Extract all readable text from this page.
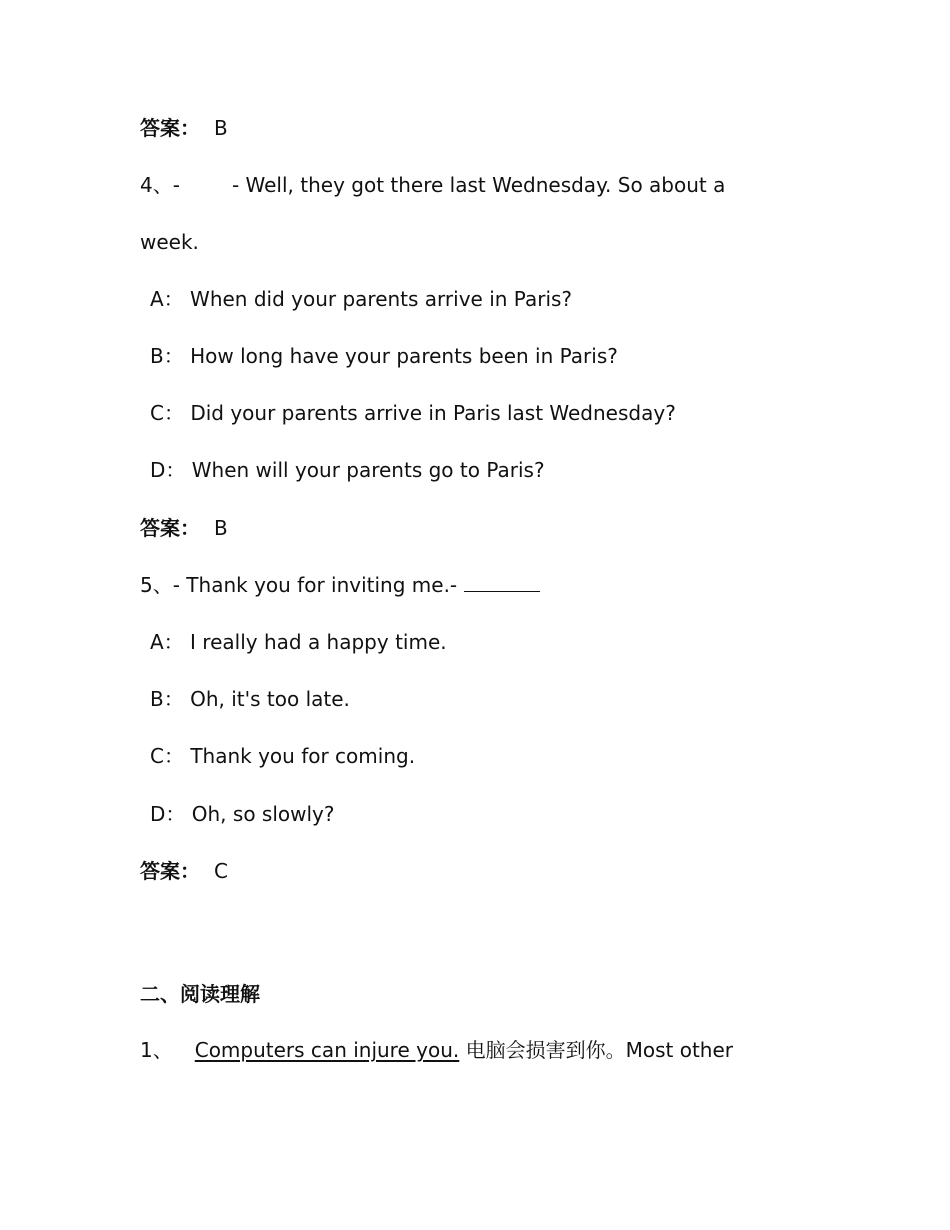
答案： B
4、-	- Well, they got there last Wednesday. So about a
week.
A： When did your parents arrive in Paris?
B： How long have your parents been in Paris?
C： Did your parents arrive in Paris last Wednesday?
D： When will your parents go to Paris?
答案： B
5、- Thank you for inviting me.-
A： I really had a happy time.
B： Oh, it's too late.
C： Thank you for coming.
D： Oh, so slowly?
答案： C
二、阅读理解
1、 Computers can injure you. 电脑会损害到你。Most other
